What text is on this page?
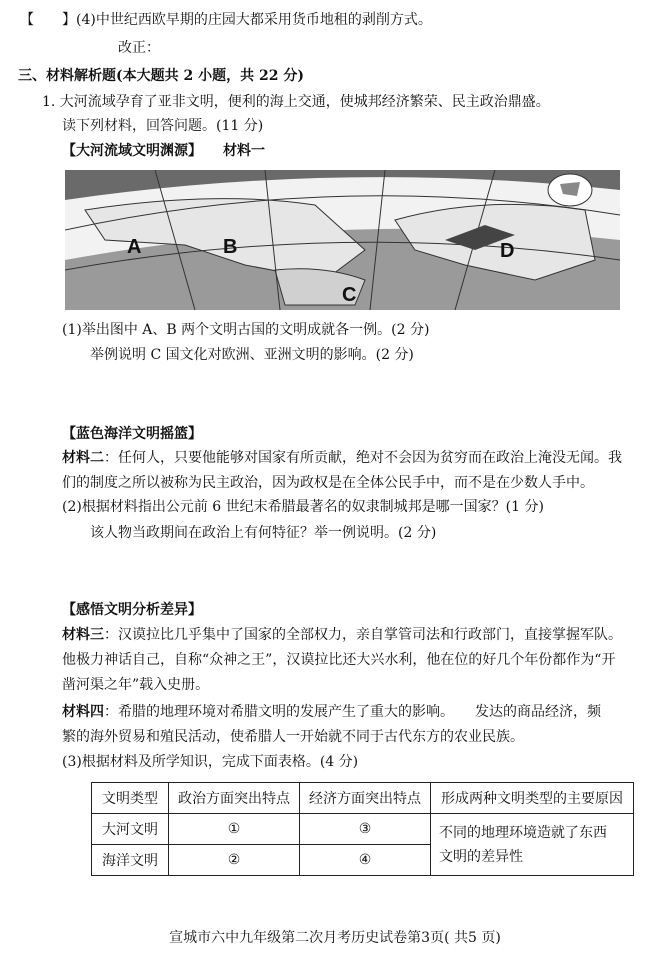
【　　】(4)中世纪西欧早期的庄园大都采用货币地租的剥削方式。
改正：
三、材料解析题(本大题共 2 小题，共 22 分)
1. 大河流域孕育了亚非文明，便利的海上交通，使城邦经济繁荣、民主政治鼎盛。
读下列材料，回答问题。(11 分)
【大河流域文明渊源】　　材料一
A	B
C
D
(1)举出图中 A、B 两个文明古国的文明成就各一例。(2 分)
举例说明 C 国文化对欧洲、亚洲文明的影响。(2 分)
【蓝色海洋文明摇篮】
材料二：任何人，只要他能够对国家有所贡献，绝对不会因为贫穷而在政治上淹没无闻。我
们的制度之所以被称为民主政治，因为政权是在全体公民手中，而不是在少数人手中。
(2)根据材料指出公元前 6 世纪末希腊最著名的奴隶制城邦是哪一国家？(1 分)
该人物当政期间在政治上有何特征？举一例说明。(2 分)
【感悟文明分析差异】
材料三：汉谟拉比几乎集中了国家的全部权力，亲自掌管司法和行政部门，直接掌握军队。
他极力神话自己，自称“众神之王”，汉谟拉比还大兴水利，他在位的好几个年份都作为“开
凿河渠之年”载入史册。
材料四：希腊的地理环境对希腊文明的发展产生了重大的影响。　　发达的商品经济，频
繁的海外贸易和殖民活动，使希腊人一开始就不同于古代东方的农业民族。
(3)根据材料及所学知识，完成下面表格。(4 分)
文明类型	政治方面突出特点	经济方面突出特点	形成两种文明类型的主要原因
大河文明	①	③	不同的地理环境造就了东西
文明的差异性
海洋文明	②	④	
宣城市六中九年级第二次月考历史试卷第3页( 共5 页)
